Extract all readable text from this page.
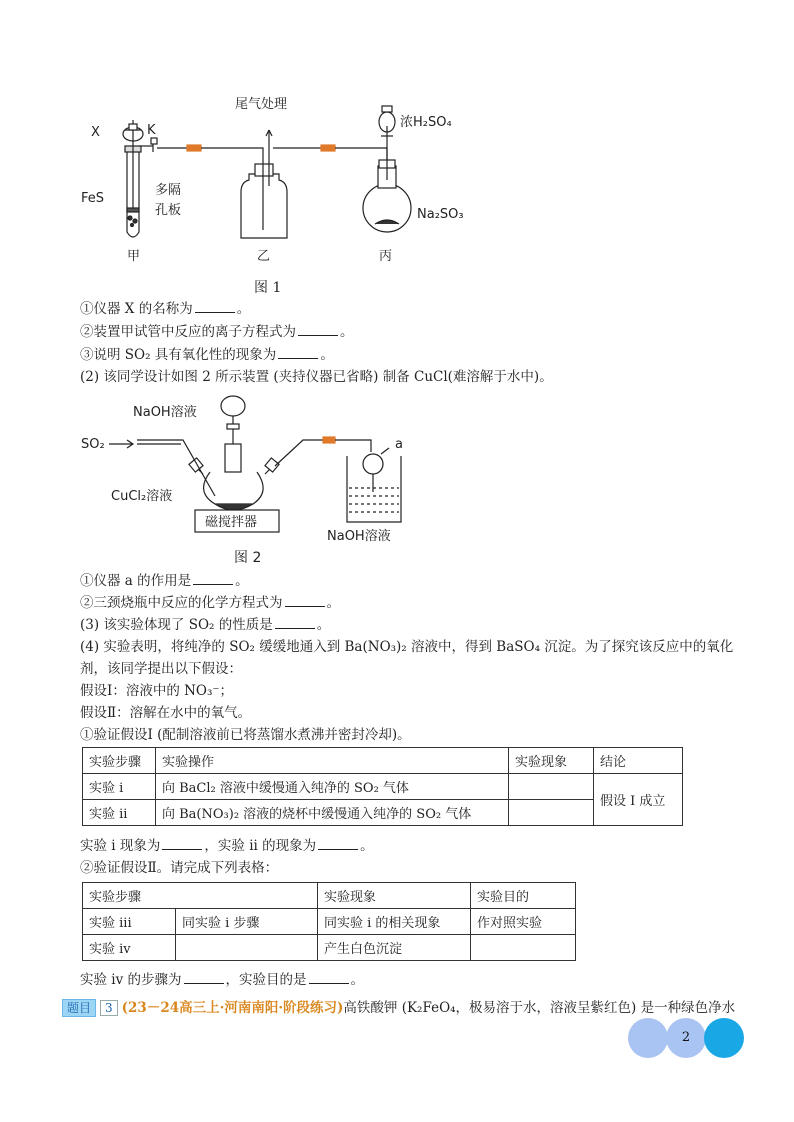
X	K
FeS
多隔
孔板
尾气处理
浓H₂SO₄
Na₂SO₃
甲	乙	丙
图 1
①仪器 X 的名称为	。
②装置甲试管中反应的离子方程式为	。
③说明 SO₂ 具有氧化性的现象为	。
(2) 该同学设计如图 2 所示装置 (夹持仪器已省略) 制备 CuCl(难溶解于水中)。
NaOH溶液
SO₂	a
CuCl₂溶液
磁搅拌器
NaOH溶液
图 2
①仪器 a 的作用是	。
②三颈烧瓶中反应的化学方程式为	。
(3) 该实验体现了 SO₂ 的性质是	。
(4) 实验表明，将纯净的 SO₂ 缓缓地通入到 Ba(NO₃)₂ 溶液中，得到 BaSO₄ 沉淀。为了探究该反应中的氧化
剂，该同学提出以下假设：
假设Ⅰ：溶液中的 NO₃⁻；
假设Ⅱ：溶解在水中的氧气。
①验证假设Ⅰ (配制溶液前已将蒸馏水煮沸并密封冷却)。
实验步骤	实验操作	实验现象	结论
实验 i	向 BaCl₂ 溶液中缓慢通入纯净的 SO₂ 气体		假设 I 成立
实验 ii	向 Ba(NO₃)₂ 溶液的烧杯中缓慢通入纯净的 SO₂ 气体		
实验 i 现象为	，实验 ii 的现象为	。
②验证假设Ⅱ。请完成下列表格：
实验步骤		实验现象	实验目的
实验 iii	同实验 i 步骤	同实验 i 的相关现象	作对照实验
实验 iv		产生白色沉淀	
实验 iv 的步骤为	，实验目的是	。
题目 3 (23－24高三上·河南南阳·阶段练习)高铁酸钾 (K₂FeO₄，极易溶于水，溶液呈紫红色) 是一种绿色净水
2
